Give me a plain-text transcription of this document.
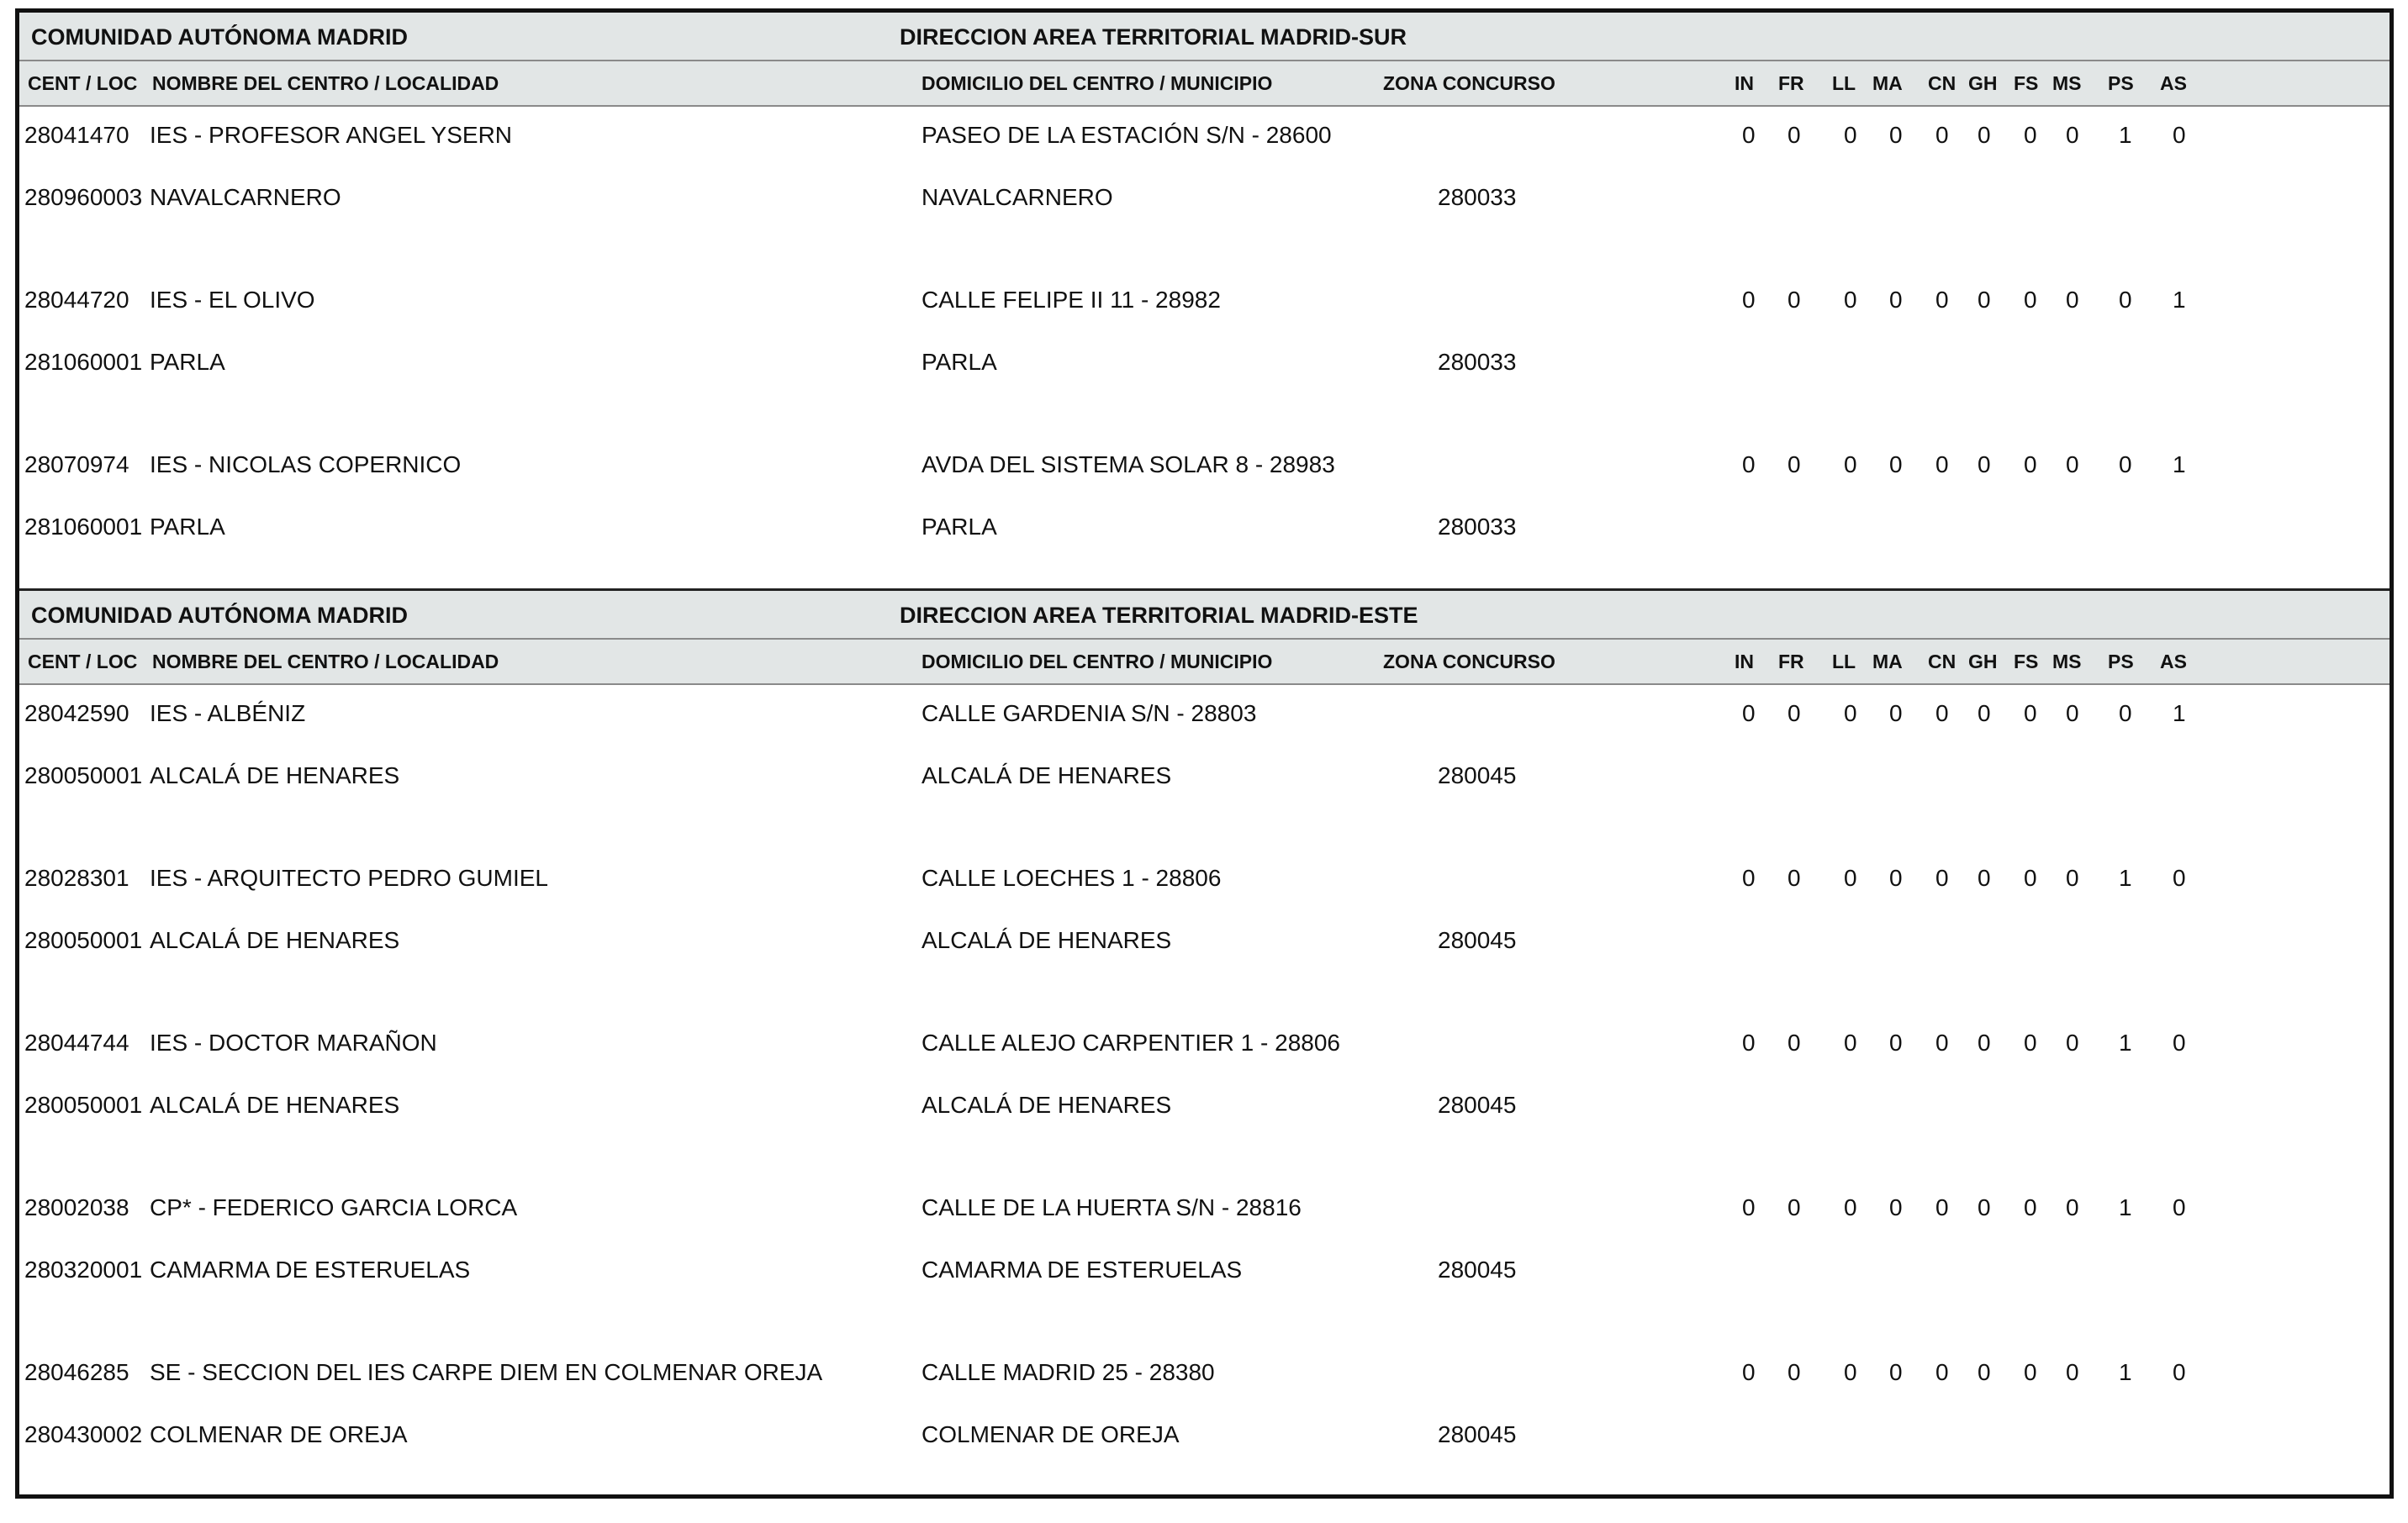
COMUNIDAD AUTÓNOMA MADRID	DIRECCION AREA TERRITORIAL MADRID-SUR
CENT / LOC NOMBRE DEL CENTRO / LOCALIDAD	DOMICILIO DEL CENTRO / MUNICIPIO	ZONA CONCURSO	IN FR LL MA CN GH FS MS PS AS
28041470 IES - PROFESOR ANGEL YSERN	PASEO DE LA ESTACIÓN S/N - 28600	0 0 0 0 0 0 0 0 1 0
280960003 NAVALCARNERO	NAVALCARNERO	280033
28044720 IES - EL OLIVO	CALLE FELIPE II 11 - 28982	0 0 0 0 0 0 0 0 0 1
281060001 PARLA	PARLA	280033
28070974 IES - NICOLAS COPERNICO	AVDA DEL SISTEMA SOLAR 8 - 28983	0 0 0 0 0 0 0 0 0 1
281060001 PARLA	PARLA	280033
COMUNIDAD AUTÓNOMA MADRID	DIRECCION AREA TERRITORIAL MADRID-ESTE
CENT / LOC NOMBRE DEL CENTRO / LOCALIDAD	DOMICILIO DEL CENTRO / MUNICIPIO	ZONA CONCURSO	IN FR LL MA CN GH FS MS PS AS
28042590 IES - ALBÉNIZ	CALLE GARDENIA S/N - 28803	0 0 0 0 0 0 0 0 0 1
280050001 ALCALÁ DE HENARES	ALCALÁ DE HENARES	280045
28028301 IES - ARQUITECTO PEDRO GUMIEL	CALLE LOECHES 1 - 28806	0 0 0 0 0 0 0 0 1 0
280050001 ALCALÁ DE HENARES	ALCALÁ DE HENARES	280045
28044744 IES - DOCTOR MARAÑON	CALLE ALEJO CARPENTIER 1 - 28806	0 0 0 0 0 0 0 0 1 0
280050001 ALCALÁ DE HENARES	ALCALÁ DE HENARES	280045
28002038 CP* - FEDERICO GARCIA LORCA	CALLE DE LA HUERTA S/N - 28816	0 0 0 0 0 0 0 0 1 0
280320001 CAMARMA DE ESTERUELAS	CAMARMA DE ESTERUELAS	280045
28046285 SE - SECCION DEL IES CARPE DIEM EN COLMENAR OREJA	CALLE MADRID 25 - 28380	0 0 0 0 0 0 0 0 1 0
280430002 COLMENAR DE OREJA	COLMENAR DE OREJA	280045
